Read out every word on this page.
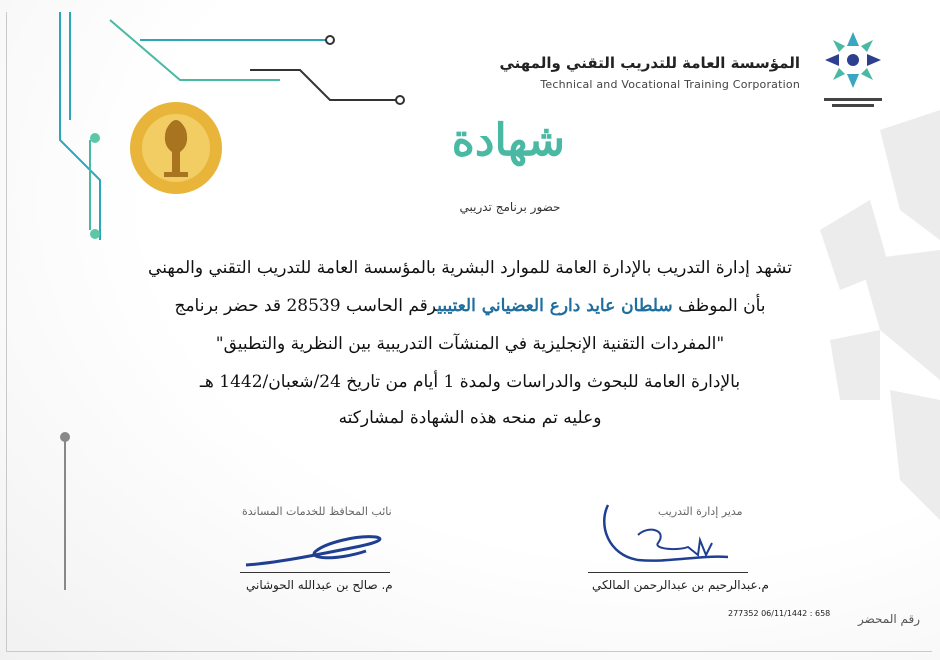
المؤسسة العامة للتدريب التقني والمهني
Technical and Vocational Training Corporation
شهادة
حضور برنامج تدريبي
تشهد إدارة التدريب بالإدارة العامة للموارد البشرية بالمؤسسة العامة للتدريب التقني والمهني
بأن الموظف سلطان عايد دارع العضياني العتيبيرقم الحاسب 28539 قد حضر برنامج
"المفردات التقنية الإنجليزية في المنشآت التدريبية بين النظرية والتطبيق"
بالإدارة العامة للبحوث والدراسات ولمدة 1 أيام من تاريخ 24/شعبان/1442 هـ
وعليه تم منحه هذه الشهادة لمشاركته
نائب المحافظ للخدمات المساندة
م. صالح بن عبدالله الحوشاني
مدير إدارة التدريب
م.عبدالرحيم بن عبدالرحمن المالكي
رقم المحضر
277352 06/11/1442 : 658
